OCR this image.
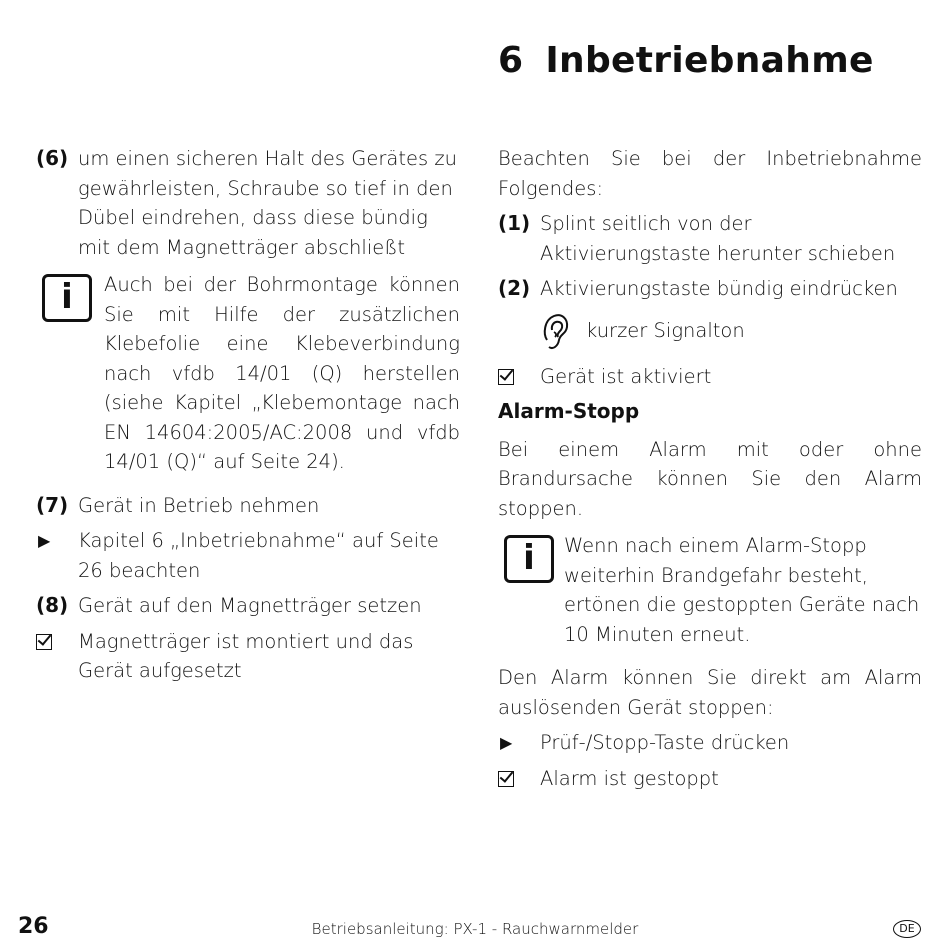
6 Inbetriebnahme
(6) um einen sicheren Halt des Gerätes zu gewährleisten, Schraube so tief in den Dübel eindrehen, dass diese bündig mit dem Magnetträger abschließt
i	Auch bei der Bohrmontage können Sie mit Hilfe der zusätzlichen Klebefolie eine Klebeverbindung nach vfdb 14/01 (Q) herstellen (siehe Kapitel „Klebemontage nach EN 14604:2005/AC:2008 und vfdb 14/01 (Q)“ auf Seite 24).
(7) Gerät in Betrieb nehmen
▶	Kapitel 6 „Inbetriebnahme“ auf Seite 26 beachten
(8) Gerät auf den Magnetträger setzen
Magnetträger ist montiert und das Gerät aufgesetzt
Beachten Sie bei der Inbetriebnahme Folgendes:
(1) Splint seitlich von der Aktivierungstaste herunter schieben
(2) Aktivierungstaste bündig eindrücken
kurzer Signalton
Gerät ist aktiviert
Alarm-Stopp
Bei einem Alarm mit oder ohne Brandursache können Sie den Alarm stoppen.
i	Wenn nach einem Alarm-Stopp weiterhin Brandgefahr besteht, ertönen die gestoppten Geräte nach 10 Minuten erneut.
Den Alarm können Sie direkt am Alarm auslösenden Gerät stoppen:
▶	Prüf-/Stopp-Taste drücken
Alarm ist gestoppt
26	Betriebsanleitung: PX-1 - Rauchwarnmelder	DE
